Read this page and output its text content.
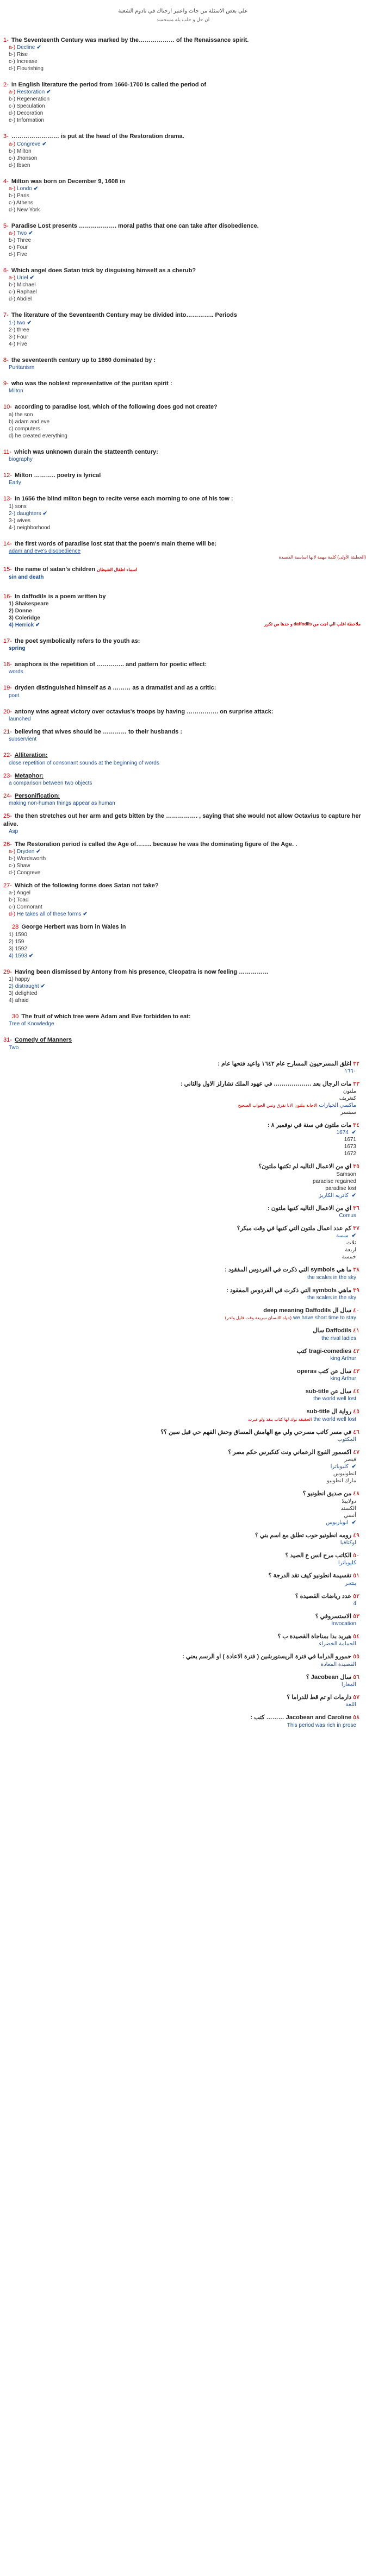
علي بعض الاسئلة من جات واعتبر ارحناك في نادوم الشعبة
ان حل و حلب يله مسحسد
1- The Seventeenth Century was marked by the……………… of the Renaissance spirit.
a-) Decline ✔
b-) Rise
c-) Increase
d-) Flourishing
2- In English literature the period from 1660-1700 is called the period of
a-) Restoration ✔
b-) Regeneration
c-) Speculation
d-) Decoration
e-) Information
3- …………………… is put at the head of the Restoration drama.
a-) Congreve ✔
b-) Milton
c-) Jhonson
d-) Ibsen
4- Milton was born on December 9, 1608 in
a-) Londo ✔
b-) Paris
c-) Athens
d-) New York
5- Paradise Lost presents ………………. moral paths that one can take after disobedience.
a-) Two ✔
b-) Three
c-) Four
d-) Five
6- Which angel does Satan trick by disguising himself as a cherub?
a-) Uriel ✔
b-) Michael
c-) Raphael
d-) Abdiel
7- The literature of the Seventeenth Century may be divided into………….. Periods
1-) two ✔
2-) three
3-) Four
4-) Five
8- the seventeenth century up to 1660 dominated by :
Puritanism
9- who was the noblest representative of the puritan spirit :
Milton
10- according to paradise lost, which of the following does god not create?
a) the son
b) adam and eve
c) computers
d) he created everything
11- which was unknown durain the statteenth century:
biography
12- Milton ……….. poetry is lyrical
Early
13- in 1656 the blind milton begn to recite verse each morning to one of his tow :
1) sons
2-) daughters ✔
3-) wives
4-) neighborhood
14- the first words of paradise lost stat that the poem's main theme will be:
adam and eve's disobedience
(الخطيئة الأولى) كلمة مهمة لانها اساسية القصيدة
15- the name of satan's children اسماء اطفال الشيطان
sin and death
16- In daffodils is a poem written by
1) Shakespeare
2) Donne
3) Coleridge
4) Herrick ✔	ملاحظة اغلب الي اجت من daffodils و حدها من تكرر
17- the poet symbolically refers to the youth as:
spring
18- anaphora is the repetition of ………….. and pattern for poetic effect:
words
19- dryden distinguished himself as a ……… as a dramatist and as a critic:
poet
20- antony wins agreat victory over octavius's troops by having ……………. on surprise attack:
launched
21- believing that wives should be ………… to their husbands :
subservient
22- Alliteration:
close repetition of consonant sounds at the beginning of words
23- Metaphor:
a comparison between two objects
24- Personification:
making non-human things appear as human
25- the then stretches out her arm and gets bitten by the ……………. , saying that she would not allow Octavius to capture her alive.
Asp
26- The Restoration period is called the Age of…….. because he was the dominating figure of the Age. .
a-) Dryden ✔
b-) Wordsworth
c-) Shaw
d-) Congreve
27- Which of the following forms does Satan not take?
a-) Angel
b-) Toad
c-) Cormorant
d-) He takes all of these forms ✔
28 George Herbert was born in Wales in
1) 1590
2) 159
3) 1592
4) 1593 ✔
29- Having been dismissed by Antony from his presence, Cleopatra is now feeling ……………
1) happy
2) distraught ✔
3) delighted
4) afraid
30 The fruit of which tree were Adam and Eve forbidden to eat:
Tree of Knowledge
31- Comedy of Manners
Two
٣٢ اغلق المسرحيون المسارح عام ١٦٤٢ واعيد فتحها عام :
١٦٦٠
٣٣ مات الرجال بعد ………………. في عهود الملك تشارلز الاول والثاني :
ملتون
كنغريف
ماكسي الخيارات الاجابة ملتون الابا نفرق وتس الجواب الصحيح
سبنسر
٣٤ مات ملتون في سنة في نوفمبر ٨ :
✔ 1674
1671
1673
1672
٣٥ اي من الاعمال التاليه لم تكتبها ملتون؟
Samson
paradise regained
paradise lost
✔ كاتريه الكاريز
٣٦ اي من الاعمال التاليه كتبها ملتون :
Comus
٣٧ كم عدد اعمال ملتون التي كتبها في وقت مبكر؟
✔ سسة
ثلاث
اربعة
خمسة
٣٨ ما هي symbols التي ذكرت في الفردوس المفقود :
the scales in the sky
٣٩ ماهي symbols التي ذكرت في الفردوس المفقود :
the scales in the sky
٤٠ سال ال deep meaning Daffodils
we have short time to stay (حياه الانسان سريعة وقت قليل واخر)
٤١ Daffodils سال
the rival ladies
٤٢ tragi-comedies كتب
king Arthur
٤٣ سال عن كتب operas
king Arthur
٤٤ سال عن sub-title
the world well lost
٤٥ رواية ال sub-title
the world well lost الحقيقة توك لها كتاب ينقذ ولو غيرت
٤٦ في مسر كاتب مسرحي ولي مع الهامش المساق وحش الفهم حي قبل سبن ؟؟
المكتوب
٤٧ اكسمور الفوج الرعماني ونت كنكبرس حكم مصر ؟
قيصر
✔ كليوباترا
انطونيوس
مارك انطونيو
٤٨ من صديق انطونيو ؟
دولابيلا
الكسند
أنسي
✔ انوباربوس
٤٩ رومه انطونيو حوب تطلق مع اسم بني ؟
اوكتافيا
٥٠ الكاتب مرح انس ع الصيد ؟
كليوباترا
٥١ تقسيمة انطونيو كيف تقد الدرجة ؟
ينتحر
٥٢ عدد رياضات القصيدة ؟
4
٥٣ الاستسروفي ؟
Invocation
٥٤ هيريد بدا بمناجاة القصيدة ب ؟
الحمامة الخضراء
٥٥ حمورو الدراما في فترة الريستورشين ( فترة الاعادة ) او الرسم يعني :
القصيدة المعادة
٥٦ سال Jacobean ؟
المغارا
٥٧ دارمات او تم قط للدراما ؟
اللغة
٥٨ Jacobean and Caroline ……… كتب :
This period was rich in prose
